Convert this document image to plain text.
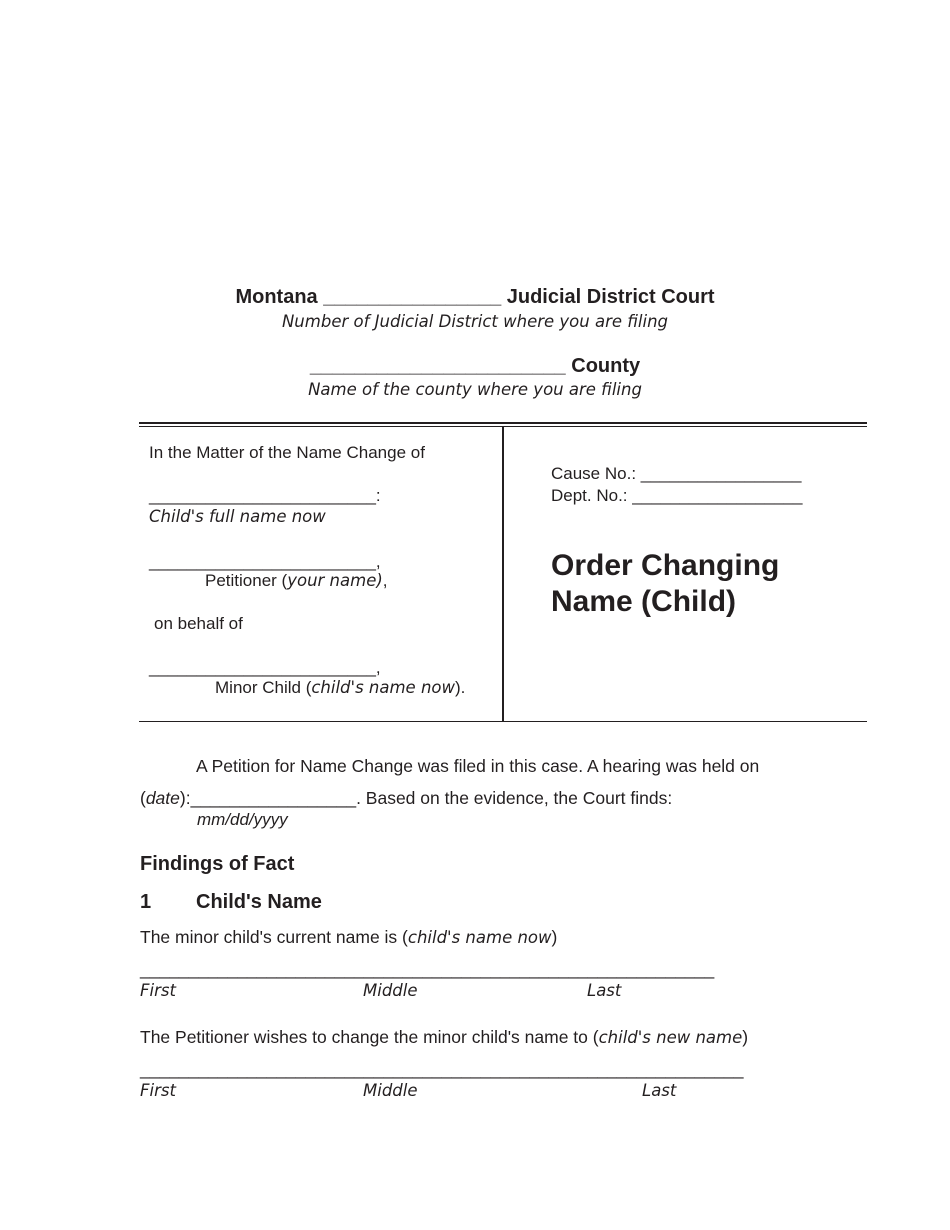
Montana ________________ Judicial District Court
Number of Judicial District where you are filing
_______________________ County
Name of the county where you are filing
In the Matter of the Name Change of
________________________:
Child's full name now
________________________,
Petitioner (your name),
on behalf of
________________________,
Minor Child (child's name now).
Cause No.: _________________
Dept. No.: __________________
Order Changing
Name (Child)
A Petition for Name Change was filed in this case. A hearing was held on
(date):_________________. Based on the evidence, the Court finds:
mm/dd/yyyy
Findings of Fact
1 Child's Name
The minor child's current name is (child's name now)
___________________________________________________________
First	Middle	Last
The Petitioner wishes to change the minor child's name to (child's new name)
______________________________________________________________
First	Middle	Last
